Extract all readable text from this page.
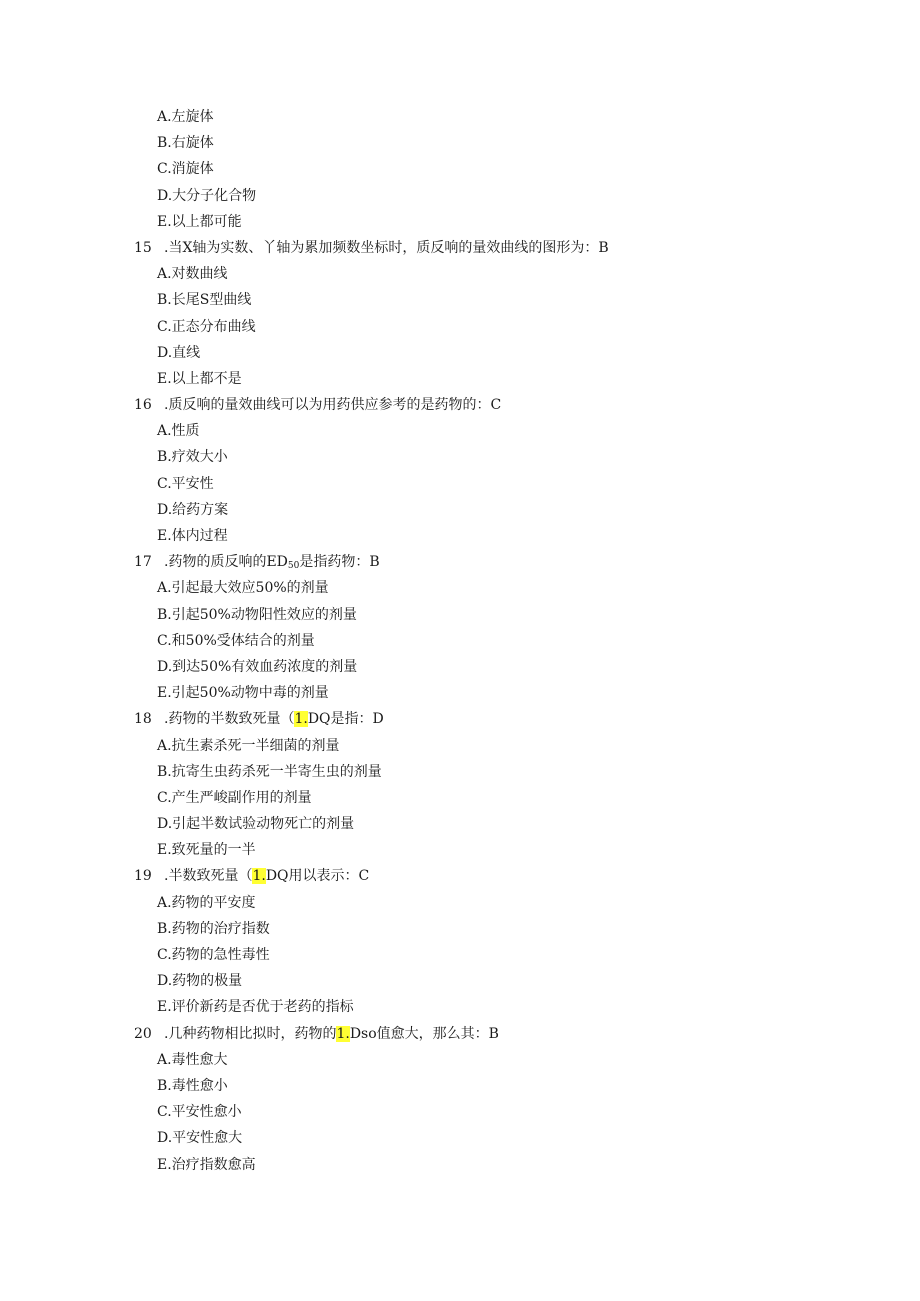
A.左旋体
B.右旋体
C.消旋体
D.大分子化合物
E.以上都可能
15 .当X轴为实数、丫轴为累加频数坐标时，质反响的量效曲线的图形为：B
A.对数曲线
B.长尾S型曲线
C.正态分布曲线
D.直线
E.以上都不是
16 .质反响的量效曲线可以为用药供应参考的是药物的：C
A.性质
B.疗效大小
C.平安性
D.给药方案
E.体内过程
17 .药物的质反响的$ED_{50}$是指药物：B
A.引起最大效应50%的剂量
B.引起50%动物阳性效应的剂量
C.和50%受体结合的剂量
D.到达50%有效血药浓度的剂量
E.引起50%动物中毒的剂量
18 .药物的半数致死量（1.DQ是指：D
A.抗生素杀死一半细菌的剂量
B.抗寄生虫药杀死一半寄生虫的剂量
C.产生严峻副作用的剂量
D.引起半数试验动物死亡的剂量
E.致死量的一半
19 .半数致死量（1.DQ用以表示：C
A.药物的平安度
B.药物的治疗指数
C.药物的急性毒性
D.药物的极量
E.评价新药是否优于老药的指标
20 .几种药物相比拟时，药物的1.Dso值愈大，那么其：B
A.毒性愈大
B.毒性愈小
C.平安性愈小
D.平安性愈大
E.治疗指数愈高
